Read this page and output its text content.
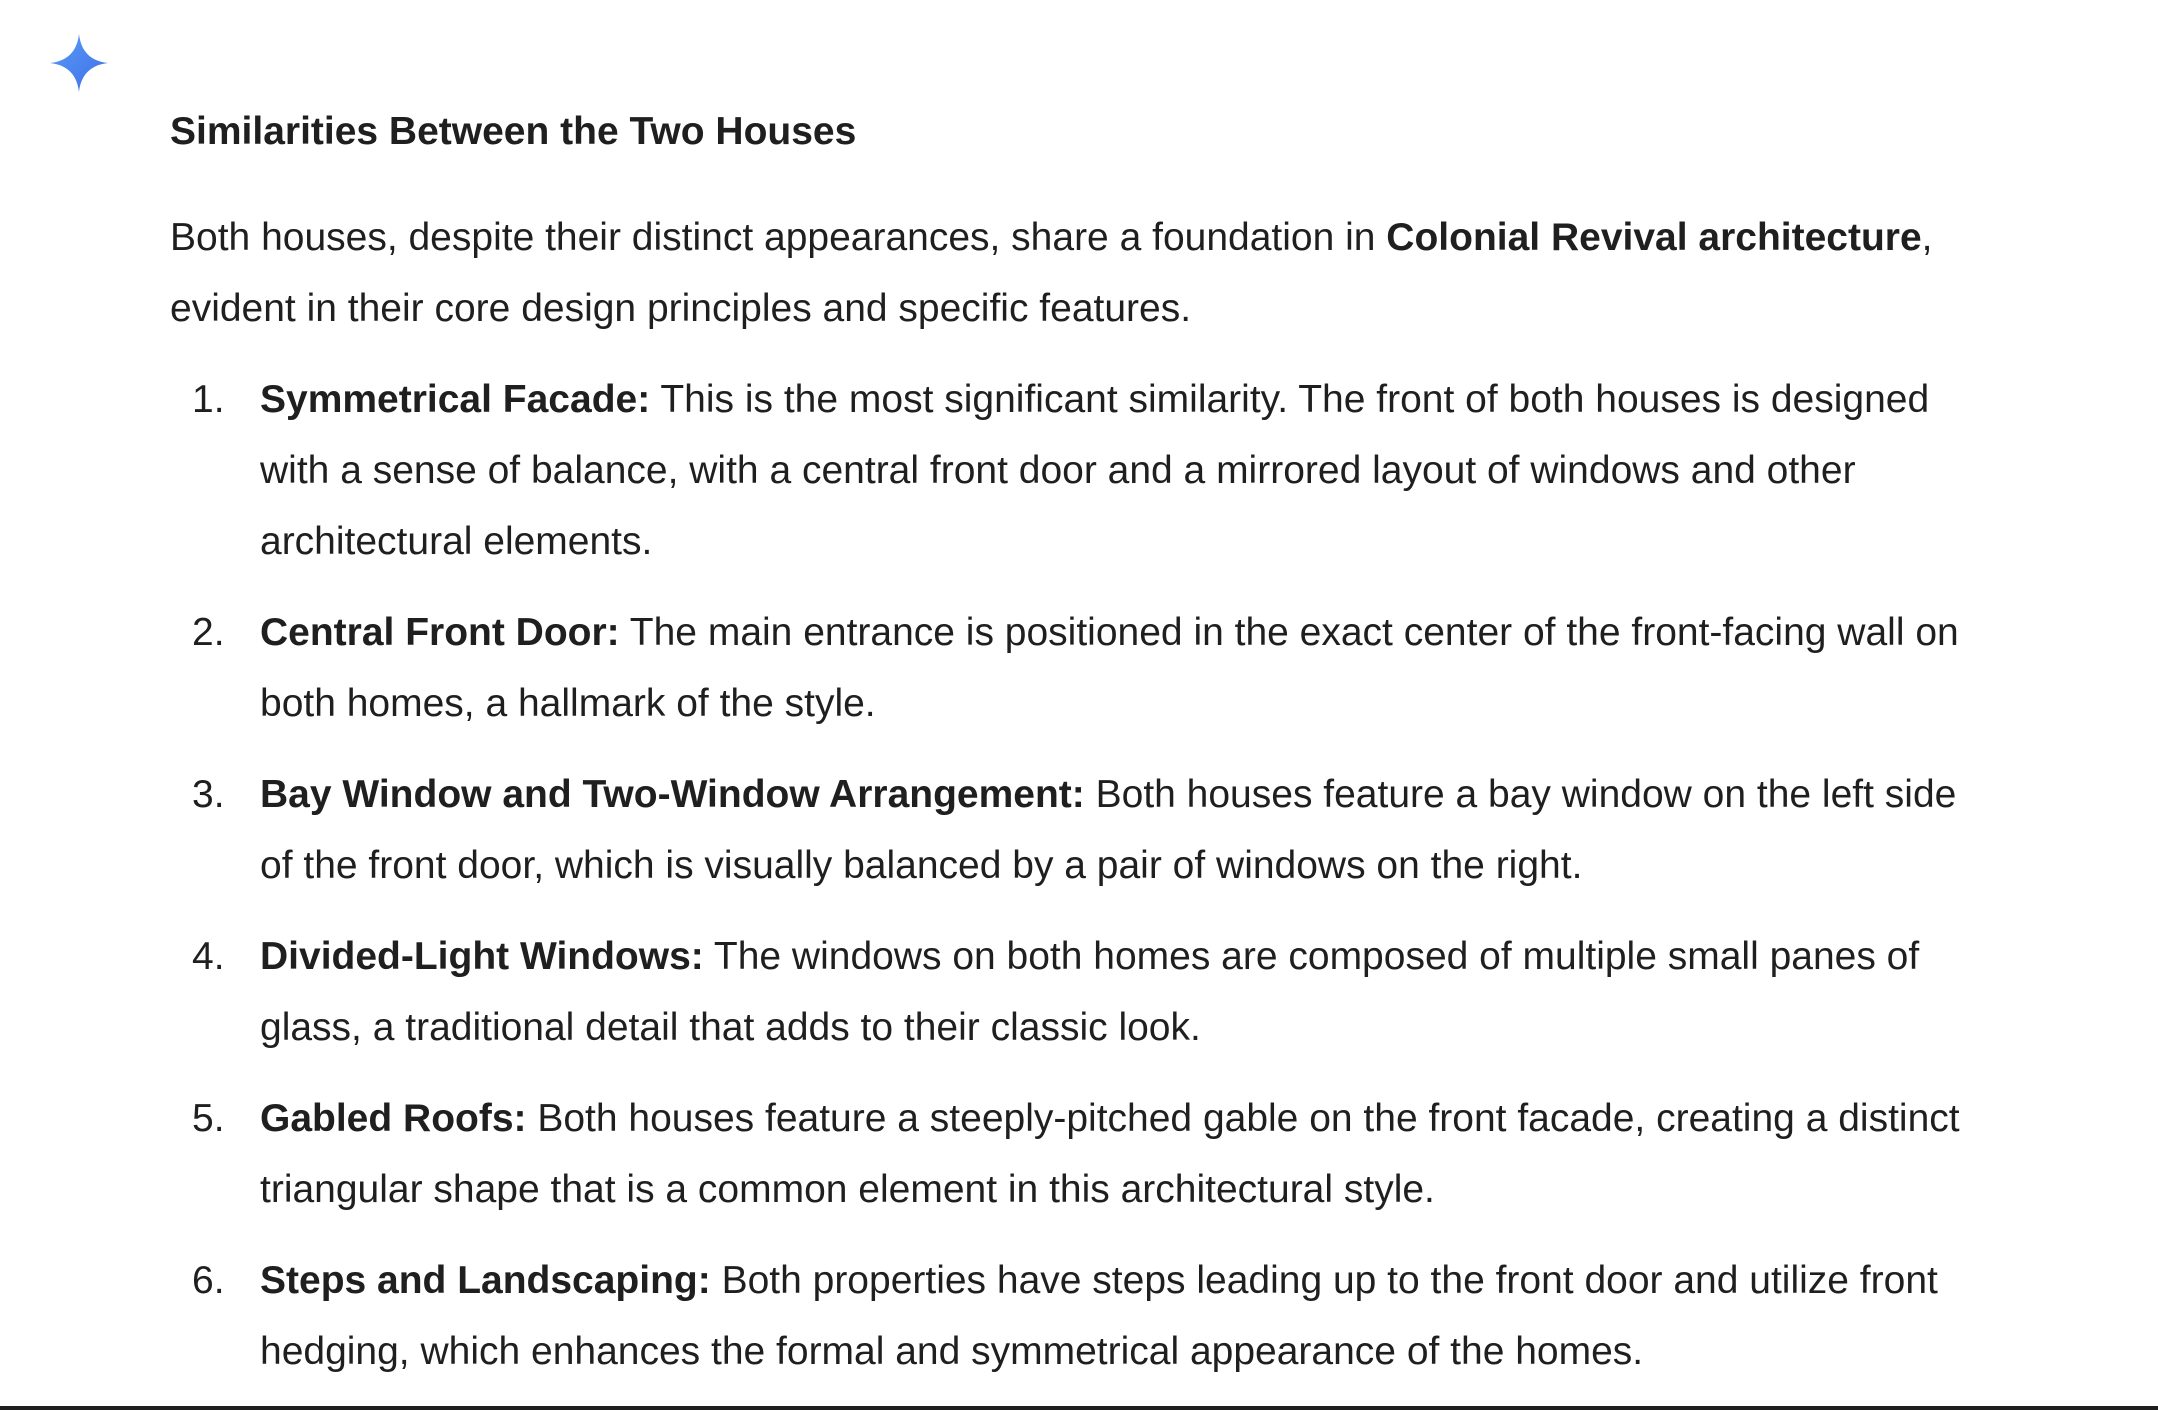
Similarities Between the Two Houses

Both houses, despite their distinct appearances, share a foundation in Colonial Revival architecture, evident in their core design principles and specific features.

1. Symmetrical Facade: This is the most significant similarity. The front of both houses is designed with a sense of balance, with a central front door and a mirrored layout of windows and other architectural elements.
2. Central Front Door: The main entrance is positioned in the exact center of the front-facing wall on both homes, a hallmark of the style.
3. Bay Window and Two-Window Arrangement: Both houses feature a bay window on the left side of the front door, which is visually balanced by a pair of windows on the right.
4. Divided-Light Windows: The windows on both homes are composed of multiple small panes of glass, a traditional detail that adds to their classic look.
5. Gabled Roofs: Both houses feature a steeply-pitched gable on the front facade, creating a distinct triangular shape that is a common element in this architectural style.
6. Steps and Landscaping: Both properties have steps leading up to the front door and utilize front hedging, which enhances the formal and symmetrical appearance of the homes.
